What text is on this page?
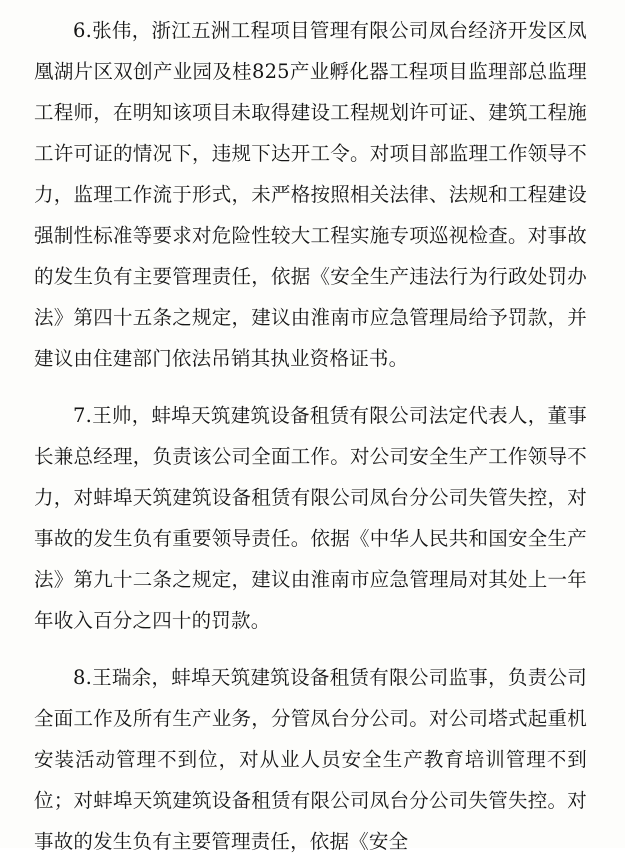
6.张伟，浙江五洲工程项目管理有限公司凤台经济开发区凤凰湖片区双创产业园及桂825产业孵化器工程项目监理部总监理工程师，在明知该项目未取得建设工程规划许可证、建筑工程施工许可证的情况下，违规下达开工令。对项目部监理工作领导不力，监理工作流于形式，未严格按照相关法律、法规和工程建设强制性标准等要求对危险性较大工程实施专项巡视检查。对事故的发生负有主要管理责任，依据《安全生产违法行为行政处罚办法》第四十五条之规定，建议由淮南市应急管理局给予罚款，并建议由住建部门依法吊销其执业资格证书。

7.王帅，蚌埠天筑建筑设备租赁有限公司法定代表人，董事长兼总经理，负责该公司全面工作。对公司安全生产工作领导不力，对蚌埠天筑建筑设备租赁有限公司凤台分公司失管失控，对事故的发生负有重要领导责任。依据《中华人民共和国安全生产法》第九十二条之规定，建议由淮南市应急管理局对其处上一年年收入百分之四十的罚款。

8.王瑞余，蚌埠天筑建筑设备租赁有限公司监事，负责公司全面工作及所有生产业务，分管凤台分公司。对公司塔式起重机安装活动管理不到位，对从业人员安全生产教育培训管理不到位；对蚌埠天筑建筑设备租赁有限公司凤台分公司失管失控。对事故的发生负有主要管理责任，依据《安全
